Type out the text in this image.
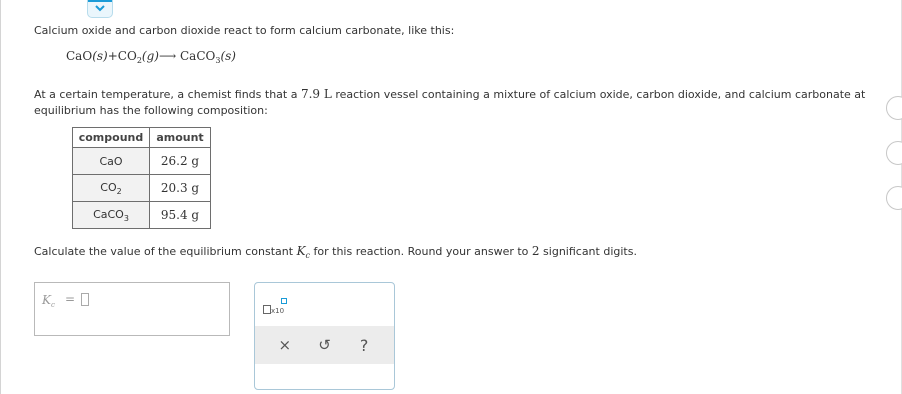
Calcium oxide and carbon dioxide react to form calcium carbonate, like this:
$CaO(s)+CO_2(g)⟶$ CaCO$_3$(s)
At a certain temperature, a chemist finds that a 7.9 L reaction vessel containing a mixture of calcium oxide, carbon dioxide, and calcium carbonate at equilibrium has the following composition:
compound	amount
CaO	26.2 g
$CO_2$	20.3 g
CaCO$_3$	95.4 g
Calculate the value of the equilibrium constant $K_c$ for this reaction. Round your answer to 2 significant digits.
$K_c$ =
x10
×	↺	?
